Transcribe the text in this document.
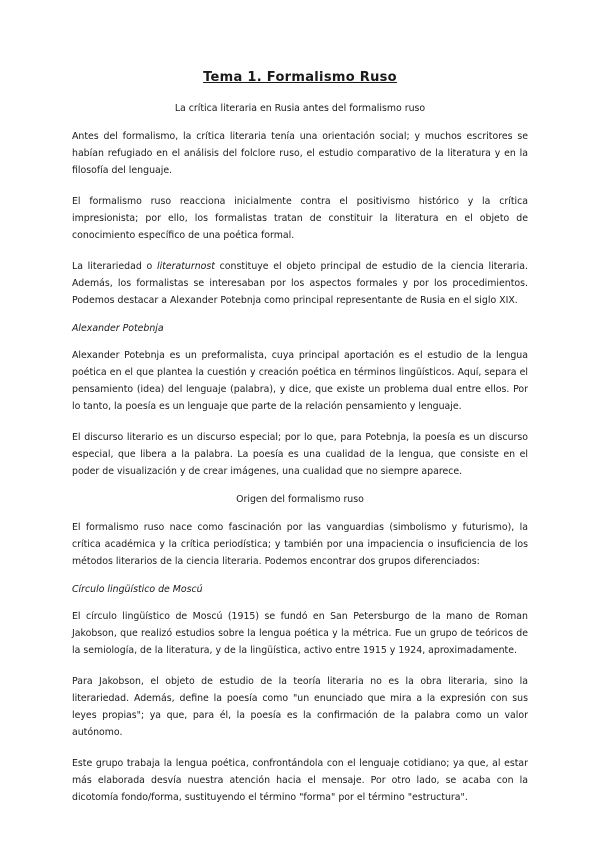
Tema 1. Formalismo Ruso
La crítica literaria en Rusia antes del formalismo ruso

Antes del formalismo, la crítica literaria tenía una orientación social; y muchos escritores se habían refugiado en el análisis del folclore ruso, el estudio comparativo de la literatura y en la filosofía del lenguaje.

El formalismo ruso reacciona inicialmente contra el positivismo histórico y la crítica impresionista; por ello, los formalistas tratan de constituir la literatura en el objeto de conocimiento específico de una poética formal.

La literariedad o literaturnost constituye el objeto principal de estudio de la ciencia literaria. Además, los formalistas se interesaban por los aspectos formales y por los procedimientos. Podemos destacar a Alexander Potebnja como principal representante de Rusia en el siglo XIX.

Alexander Potebnja

Alexander Potebnja es un preformalista, cuya principal aportación es el estudio de la lengua poética en el que plantea la cuestión y creación poética en términos lingüísticos. Aquí, separa el pensamiento (idea) del lenguaje (palabra), y dice, que existe un problema dual entre ellos. Por lo tanto, la poesía es un lenguaje que parte de la relación pensamiento y lenguaje.

El discurso literario es un discurso especial; por lo que, para Potebnja, la poesía es un discurso especial, que libera a la palabra. La poesía es una cualidad de la lengua, que consiste en el poder de visualización y de crear imágenes, una cualidad que no siempre aparece.

Origen del formalismo ruso

El formalismo ruso nace como fascinación por las vanguardias (simbolismo y futurismo), la crítica académica y la crítica periodística; y también por una impaciencia o insuficiencia de los métodos literarios de la ciencia literaria. Podemos encontrar dos grupos diferenciados:

Círculo lingüístico de Moscú

El círculo lingüístico de Moscú (1915) se fundó en San Petersburgo de la mano de Roman Jakobson, que realizó estudios sobre la lengua poética y la métrica. Fue un grupo de teóricos de la semiología, de la literatura, y de la lingüística, activo entre 1915 y 1924, aproximadamente.

Para Jakobson, el objeto de estudio de la teoría literaria no es la obra literaria, sino la literariedad. Además, define la poesía como "un enunciado que mira a la expresión con sus leyes propias"; ya que, para él, la poesía es la confirmación de la palabra como un valor autónomo.

Este grupo trabaja la lengua poética, confrontándola con el lenguaje cotidiano; ya que, al estar más elaborada desvía nuestra atención hacia el mensaje. Por otro lado, se acaba con la dicotomía fondo/forma, sustituyendo el término "forma" por el término "estructura".
